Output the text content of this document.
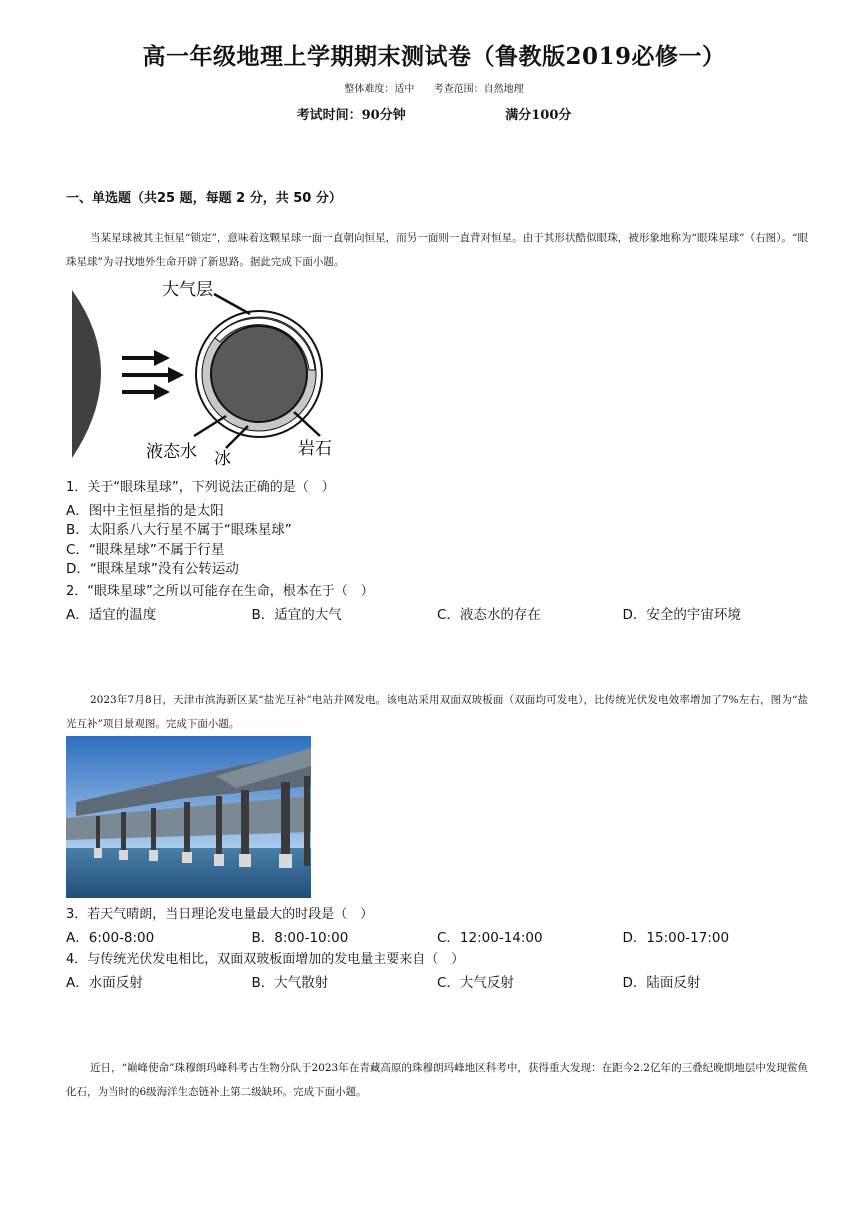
高一年级地理上学期期末测试卷（鲁教版2019必修一）
整体难度：适中 考查范围：自然地理
考试时间：90分钟	满分100分
一、单选题（共25 题，每题 2 分，共 50 分）
当某星球被其主恒星“锁定”，意味着这颗星球一面一直朝向恒星，而另一面则一直背对恒星。由于其形状酷似眼珠，被形象地称为“眼珠星球”（右图）。“眼珠星球”为寻找地外生命开辟了新思路。据此完成下面小题。
大气层
液态水 冰	岩石
1．关于“眼珠星球”，下列说法正确的是（　）
A．图中主恒星指的是太阳
B．太阳系八大行星不属于“眼珠星球”
C．“眼珠星球”不属于行星
D．“眼珠星球”没有公转运动
2．“眼珠星球”之所以可能存在生命，根本在于（　）
A．适宜的温度	B．适宜的大气	C．液态水的存在	D．安全的宇宙环境
2023年7月8日，天津市滨海新区某“盐光互补”电站并网发电。该电站采用双面双玻板面（双面均可发电），比传统光伏发电效率增加了7%左右，图为“盐光互补”项目景观图。完成下面小题。
3．若天气晴朗，当日理论发电量最大的时段是（　）
A．6:00-8:00	B．8:00-10:00	C．12:00-14:00	D．15:00-17:00
4．与传统光伏发电相比，双面双玻板面增加的发电量主要来自（　）
A．水面反射	B．大气散射	C．大气反射	D．陆面反射
近日，“巅峰使命”珠穆朗玛峰科考古生物分队于2023年在青藏高原的珠穆朗玛峰地区科考中，获得重大发现：在距今2.2亿年的三叠纪晚期地层中发现鲎鱼化石，为当时的6级海洋生态链补上第二级缺环。完成下面小题。
